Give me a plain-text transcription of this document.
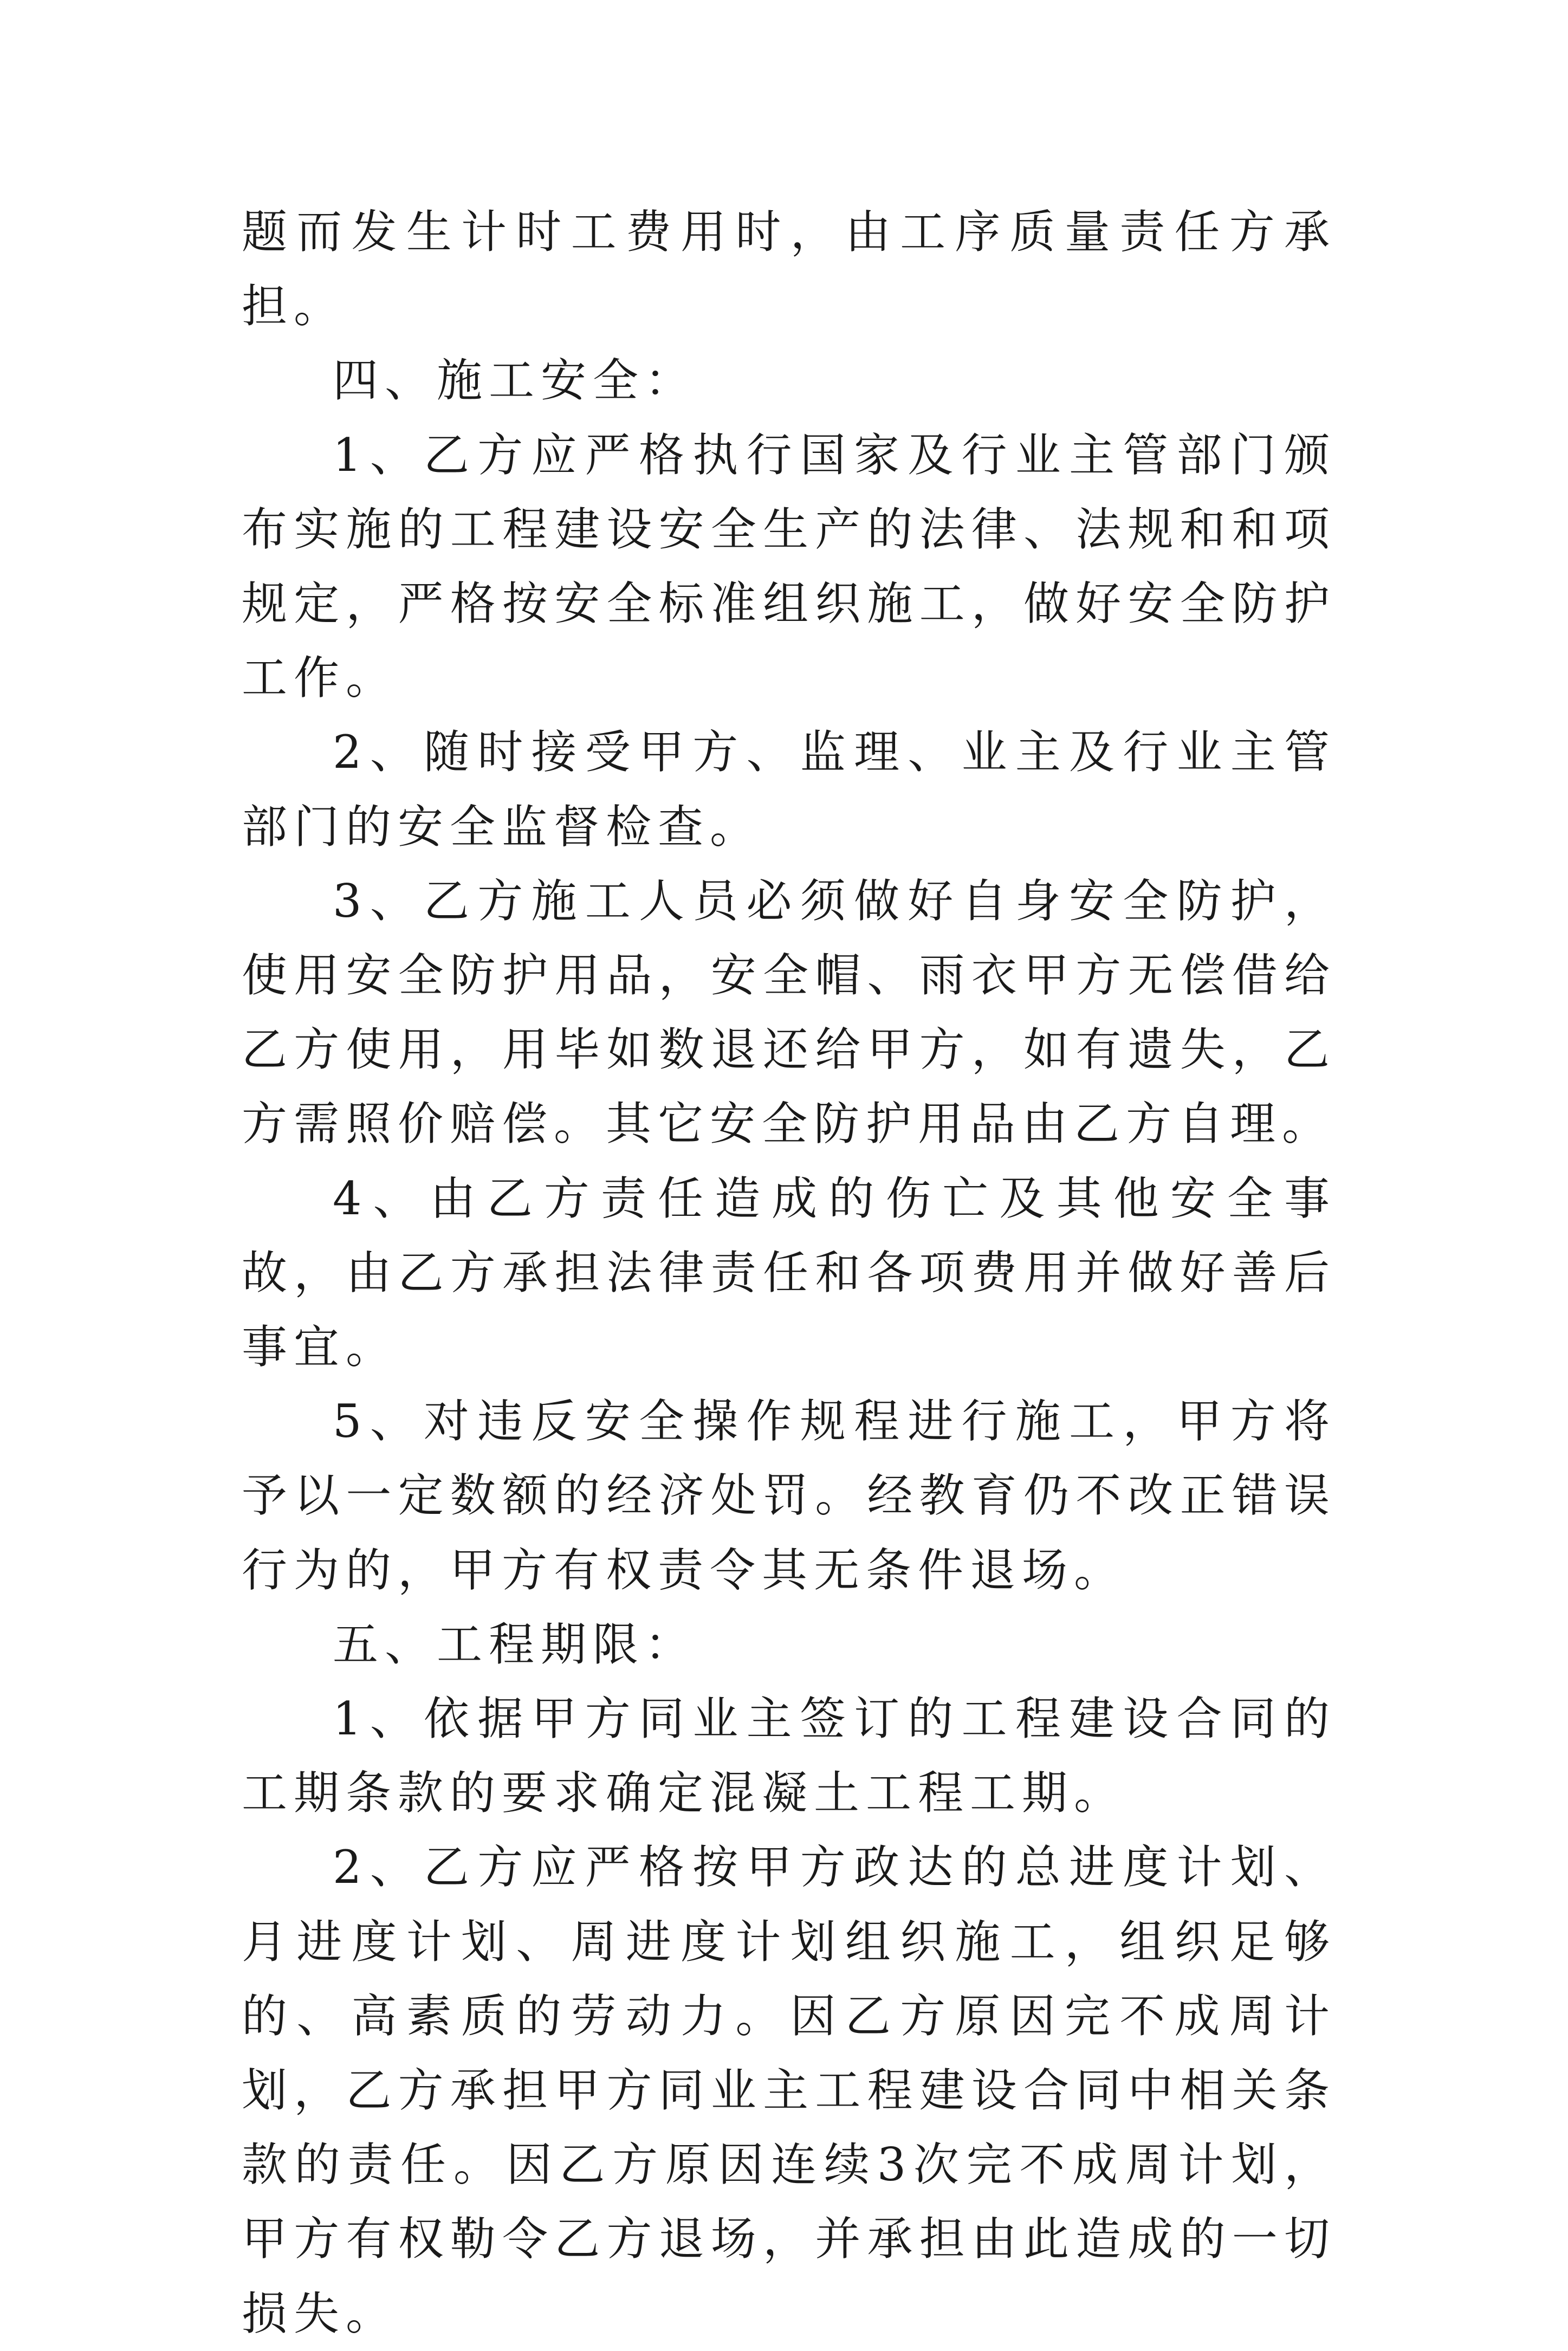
题而发生计时工费用时，由工序质量责任方承担。

四、施工安全：

1、乙方应严格执行国家及行业主管部门颁布实施的工程建设安全生产的法律、法规和和项规定，严格按安全标准组织施工，做好安全防护工作。

2、随时接受甲方、监理、业主及行业主管部门的安全监督检查。

3、乙方施工人员必须做好自身安全防护，使用安全防护用品，安全帽、雨衣甲方无偿借给乙方使用，用毕如数退还给甲方，如有遗失，乙方需照价赔偿。其它安全防护用品由乙方自理。

4、由乙方责任造成的伤亡及其他安全事故，由乙方承担法律责任和各项费用并做好善后事宜。

5、对违反安全操作规程进行施工，甲方将予以一定数额的经济处罚。经教育仍不改正错误行为的，甲方有权责令其无条件退场。

五、工程期限：

1、依据甲方同业主签订的工程建设合同的工期条款的要求确定混凝土工程工期。

2、乙方应严格按甲方政达的总进度计划、月进度计划、周进度计划组织施工，组织足够的、高素质的劳动力。因乙方原因完不成周计划，乙方承担甲方同业主工程建设合同中相关条款的责任。因乙方原因连续3次完不成周计划，甲方有权勒令乙方退场，并承担由此造成的一切损失。
